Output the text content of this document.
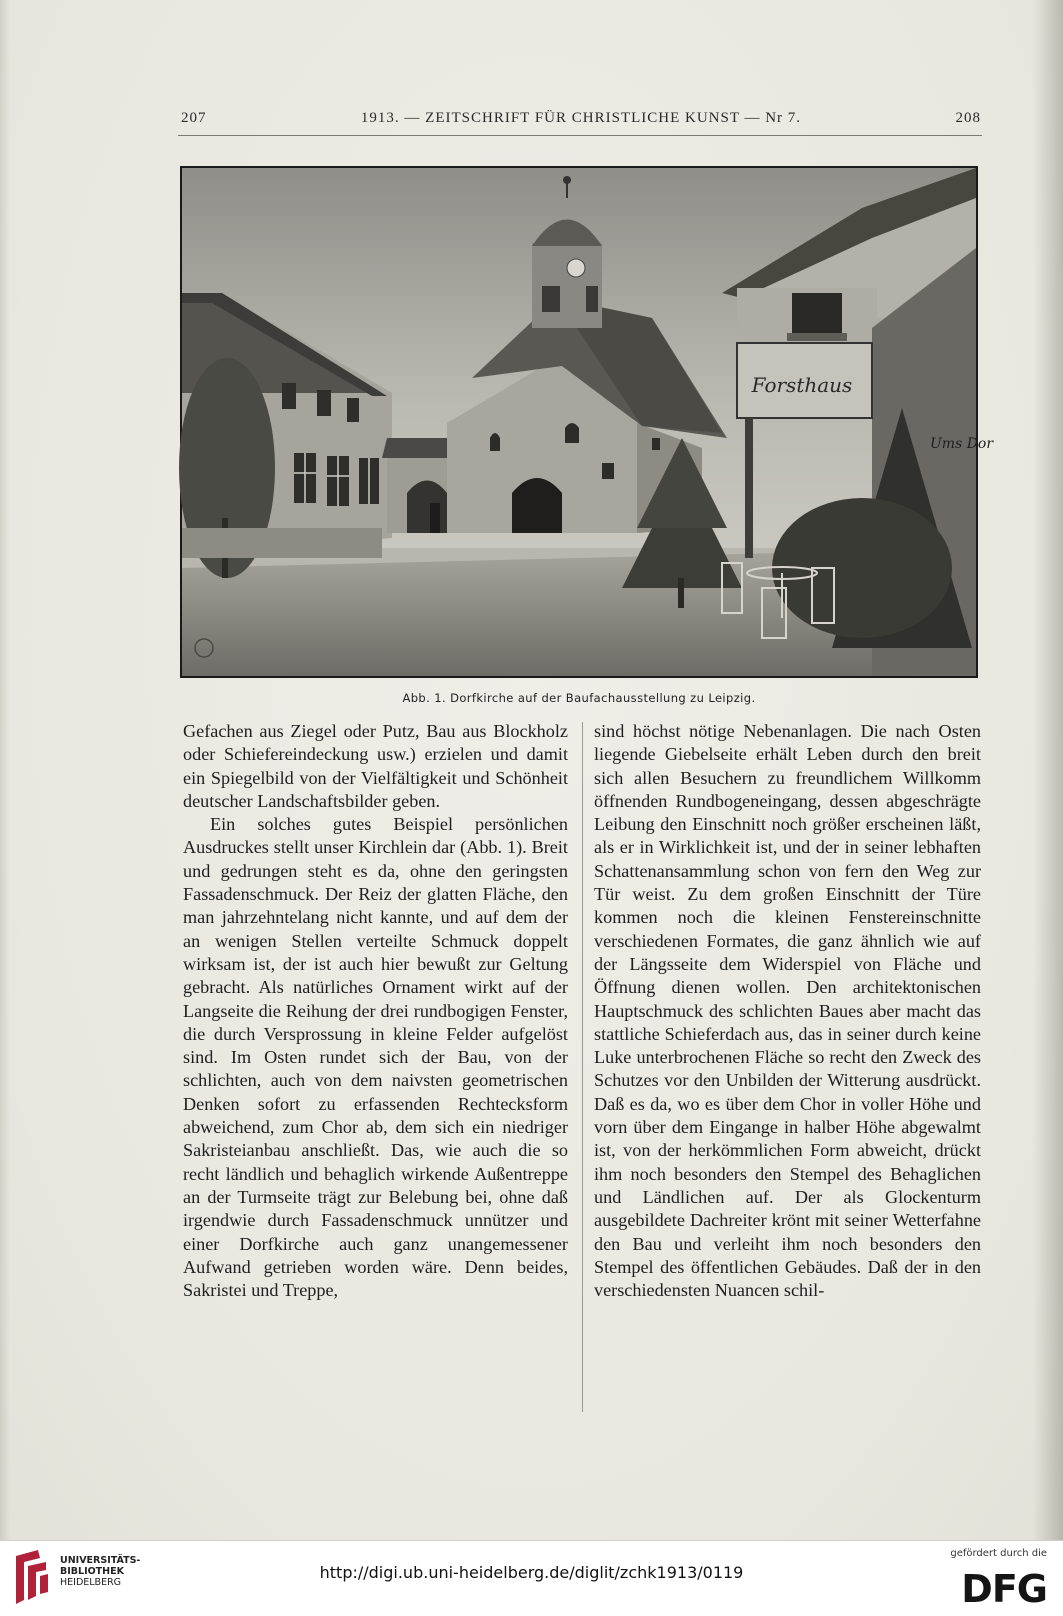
207	1913. — ZEITSCHRIFT FÜR CHRISTLICHE KUNST — Nr 7.	208
Forsthaus
Ums Dor
Abb. 1. Dorfkirche auf der Baufachausstellung zu Leipzig.

Gefachen aus Ziegel oder Putz, Bau aus Blockholz oder Schiefereindeckung usw.) erzielen und damit ein Spiegelbild von der Vielfältigkeit und Schönheit deutscher Landschaftsbilder geben.

Ein solches gutes Beispiel persönlichen Ausdruckes stellt unser Kirchlein dar (Abb. 1). Breit und gedrungen steht es da, ohne den geringsten Fassadenschmuck. Der Reiz der glatten Fläche, den man jahrzehntelang nicht kannte, und auf dem der an wenigen Stellen verteilte Schmuck doppelt wirksam ist, der ist auch hier bewußt zur Geltung gebracht. Als natürliches Ornament wirkt auf der Langseite die Reihung der drei rundbogigen Fenster, die durch Versprossung in kleine Felder aufgelöst sind. Im Osten rundet sich der Bau, von der schlichten, auch von dem naivsten geometrischen Denken sofort zu erfassenden Rechtecksform abweichend, zum Chor ab, dem sich ein niedriger Sakristeianbau anschließt. Das, wie auch die so recht ländlich und behaglich wirkende Außentreppe an der Turmseite trägt zur Belebung bei, ohne daß irgendwie durch Fassadenschmuck unnützer und einer Dorfkirche auch ganz unangemessener Aufwand getrieben worden wäre. Denn beides, Sakristei und Treppe,

sind höchst nötige Nebenanlagen. Die nach Osten liegende Giebelseite erhält Leben durch den breit sich allen Besuchern zu freundlichem Willkomm öffnenden Rundbogeneingang, dessen abgeschrägte Leibung den Einschnitt noch größer erscheinen läßt, als er in Wirklichkeit ist, und der in seiner lebhaften Schattenansammlung schon von fern den Weg zur Tür weist. Zu dem großen Einschnitt der Türe kommen noch die kleinen Fenstereinschnitte verschiedenen Formates, die ganz ähnlich wie auf der Längsseite dem Widerspiel von Fläche und Öffnung dienen wollen. Den architektonischen Hauptschmuck des schlichten Baues aber macht das stattliche Schieferdach aus, das in seiner durch keine Luke unterbrochenen Fläche so recht den Zweck des Schutzes vor den Unbilden der Witterung ausdrückt. Daß es da, wo es über dem Chor in voller Höhe und vorn über dem Eingange in halber Höhe abgewalmt ist, von der herkömmlichen Form abweicht, drückt ihm noch besonders den Stempel des Behaglichen und Ländlichen auf. Der als Glockenturm ausgebildete Dachreiter krönt mit seiner Wetterfahne den Bau und verleiht ihm noch besonders den Stempel des öffentlichen Gebäudes. Daß der in den verschiedensten Nuancen schil-

UNIVERSITÄTS-
BIBLIOTHEK
HEIDELBERG
http://digi.ub.uni-heidelberg.de/diglit/zchk1913/0119
gefördert durch die
DFG
